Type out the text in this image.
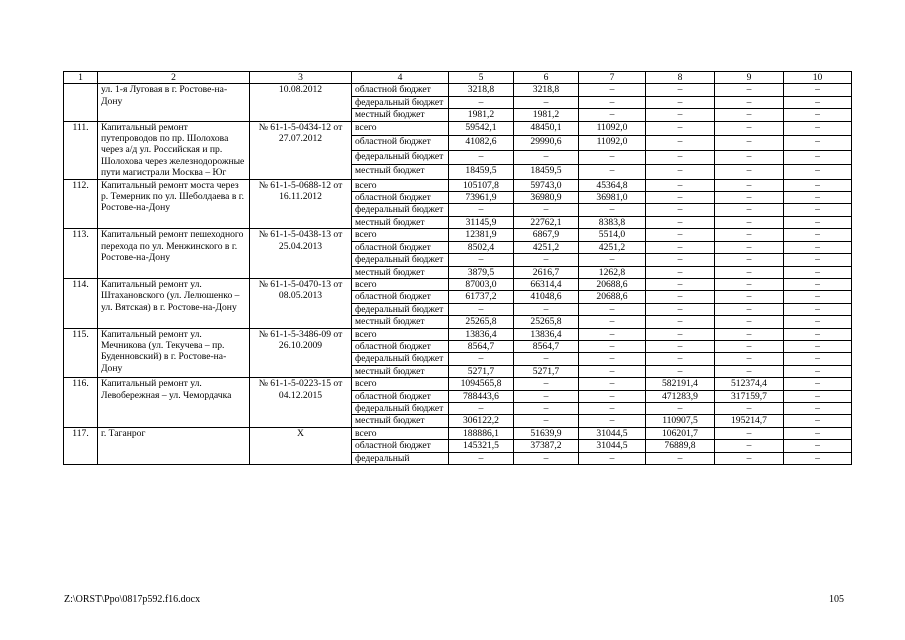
1	2	3	4	5	6	7	8	9	10
	ул. 1-я Луговая в г. Ростове-на-Дону	10.08.2012	областной бюджет	3218,8	3218,8	–	–	–	–
			федеральный бюджет	–	–	–	–	–	–
			местный бюджет	1981,2	1981,2	–	–	–	–
111.	Капитальный ремонт путепроводов по пр. Шолохова через а/д ул. Российская и пр. Шолохова через железнодорожные пути магистрали Москва – Юг	№ 61-1-5-0434-12 от 27.07.2012	всего	59542,1	48450,1	11092,0	–	–	–
			областной бюджет	41082,6	29990,6	11092,0	–	–	–
			федеральный бюджет	–	–	–	–	–	–
			местный бюджет	18459,5	18459,5	–	–	–	–
112.	Капитальный ремонт моста через р. Темерник по ул. Шеболдаева в г. Ростове-на-Дону	№ 61-1-5-0688-12 от 16.11.2012	всего	105107,8	59743,0	45364,8	–	–	–
			областной бюджет	73961,9	36980,9	36981,0	–	–	–
			федеральный бюджет	–	–	–	–	–	–
			местный бюджет	31145,9	22762,1	8383,8	–	–	–
113.	Капитальный ремонт пешеходного перехода по ул. Менжинского в г. Ростове-на-Дону	№ 61-1-5-0438-13 от 25.04.2013	всего	12381,9	6867,9	5514,0	–	–	–
			областной бюджет	8502,4	4251,2	4251,2	–	–	–
			федеральный бюджет	–	–	–	–	–	–
			местный бюджет	3879,5	2616,7	1262,8	–	–	–
114.	Капитальный ремонт ул. Штахановского (ул. Лелюшенко – ул. Вятская) в г. Ростове-на-Дону	№ 61-1-5-0470-13 от 08.05.2013	всего	87003,0	66314,4	20688,6	–	–	–
			областной бюджет	61737,2	41048,6	20688,6	–	–	–
			федеральный бюджет	–	–	–	–	–	–
			местный бюджет	25265,8	25265,8	–	–	–	–
115.	Капитальный ремонт ул. Мечникова (ул. Текучева – пр. Буденновский) в г. Ростове-на-Дону	№ 61-1-5-3486-09 от 26.10.2009	всего	13836,4	13836,4	–	–	–	–
			областной бюджет	8564,7	8564,7	–	–	–	–
			федеральный бюджет	–	–	–	–	–	–
			местный бюджет	5271,7	5271,7	–	–	–	–
116.	Капитальный ремонт ул. Левобережная – ул. Чемордачка	№ 61-1-5-0223-15 от 04.12.2015	всего	1094565,8	–	–	582191,4	512374,4	–
			областной бюджет	788443,6	–	–	471283,9	317159,7	–
			федеральный бюджет	–	–	–	–	–	–
			местный бюджет	306122,2	–	–	110907,5	195214,7	–
117.	г. Таганрог	Х	всего	188886,1	51639,9	31044,5	106201,7	–	–
			областной бюджет	145321,5	37387,2	31044,5	76889,8	–	–
			федеральный	–	–	–	–	–	–
Z:\ORST\Ppo\0817p592.f16.docx	105
